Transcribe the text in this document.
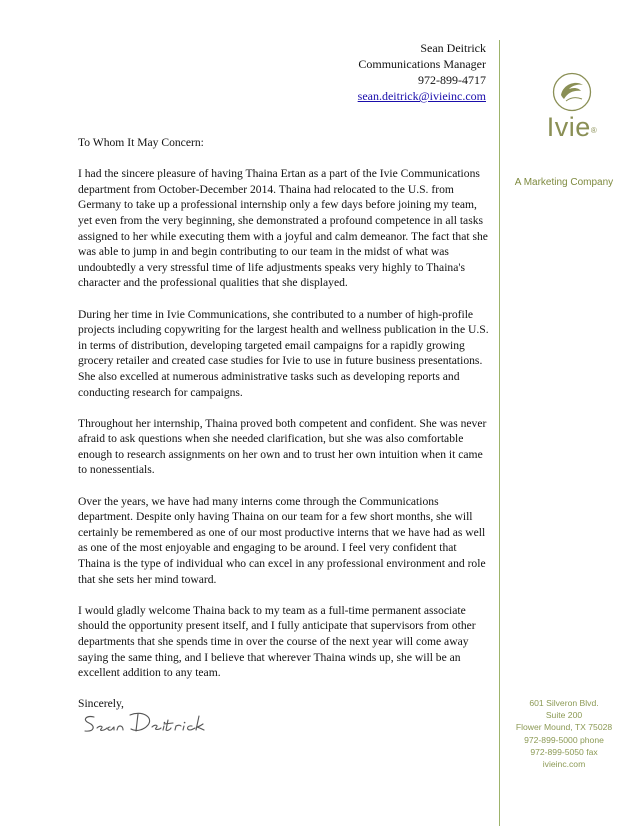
Sean Deitrick
Communications Manager
972-899-4717
sean.deitrick@ivieinc.com
Ivie®
A Marketing Company

To Whom It May Concern:

I had the sincere pleasure of having Thaina Ertan as a part of the Ivie Communications department from October-December 2014. Thaina had relocated to the U.S. from Germany to take up a professional internship only a few days before joining my team, yet even from the very beginning, she demonstrated a profound competence in all tasks assigned to her while executing them with a joyful and calm demeanor. The fact that she was able to jump in and begin contributing to our team in the midst of what was undoubtedly a very stressful time of life adjustments speaks very highly to Thaina's character and the professional qualities that she displayed.

During her time in Ivie Communications, she contributed to a number of high-profile projects including copywriting for the largest health and wellness publication in the U.S. in terms of distribution, developing targeted email campaigns for a rapidly growing grocery retailer and created case studies for Ivie to use in future business presentations. She also excelled at numerous administrative tasks such as developing reports and conducting research for campaigns.

Throughout her internship, Thaina proved both competent and confident. She was never afraid to ask questions when she needed clarification, but she was also comfortable enough to research assignments on her own and to trust her own intuition when it came to nonessentials.

Over the years, we have had many interns come through the Communications department. Despite only having Thaina on our team for a few short months, she will certainly be remembered as one of our most productive interns that we have had as well as one of the most enjoyable and engaging to be around. I feel very confident that Thaina is the type of individual who can excel in any professional environment and role that she sets her mind toward.

I would gladly welcome Thaina back to my team as a full-time permanent associate should the opportunity present itself, and I fully anticipate that supervisors from other departments that she spends time in over the course of the next year will come away saying the same thing, and I believe that wherever Thaina winds up, she will be an excellent addition to any team.

Sincerely,	601 Silveron Blvd.
Suite 200
Flower Mound, TX 75028
972-899-5000 phone
972-899-5050 fax
ivieinc.com
